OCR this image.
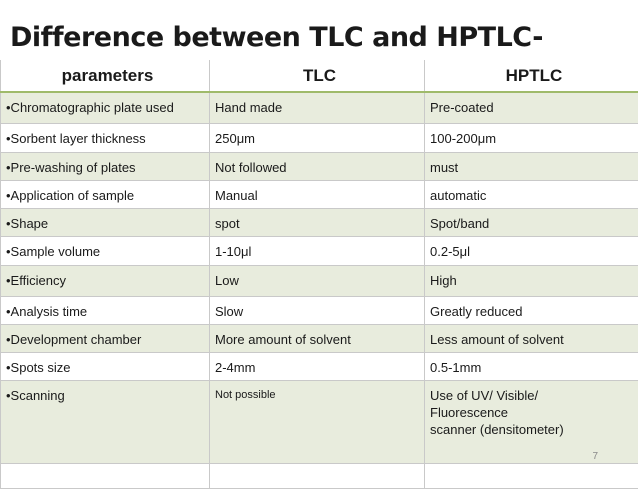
Difference between TLC and HPTLC-
parameters	TLC	HPTLC
•Chromatographic plate used	Hand made	Pre-coated
•Sorbent layer thickness	250μm	100-200μm
•Pre-washing of plates	Not followed	must
•Application of sample	Manual	automatic
•Shape	spot	Spot/band
•Sample volume	1-10μl	0.2-5μl
•Efficiency	Low	High
•Analysis time	Slow	Greatly reduced
•Development chamber	More amount of solvent	Less amount of solvent
•Spots size	2-4mm	0.5-1mm
•Scanning	Not possible	Use of UV/ Visible/
Fluorescence
scanner (densitometer)

7
